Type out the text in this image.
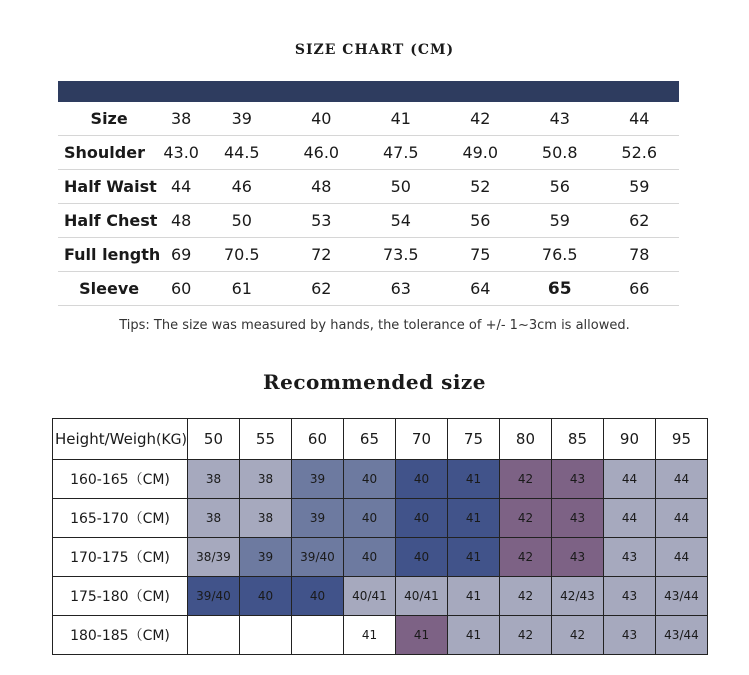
SIZE CHART (CM)
Size	38	39	40	41	42	43	44
Shoulder	43.0	44.5	46.0	47.5	49.0	50.8	52.6
Half Waist	44	46	48	50	52	56	59
Half Chest	48	50	53	54	56	59	62
Full length	69	70.5	72	73.5	75	76.5	78
Sleeve	60	61	62	63	64	65	66
Tips: The size was measured by hands, the tolerance of +/- 1~3cm is allowed.
Recommended size
Height/Weigh(KG)	50	55	60	65	70	75	80	85	90	95
160-165（CM)	38	38	39	40	40	41	42	43	44	44
165-170（CM)	38	38	39	40	40	41	42	43	44	44
170-175（CM)	38/39	39	39/40	40	40	41	42	43	43	44
175-180（CM)	39/40	40	40	40/41	40/41	41	42	42/43	43	43/44
180-185（CM)				41	41	41	42	42	43	43/44
